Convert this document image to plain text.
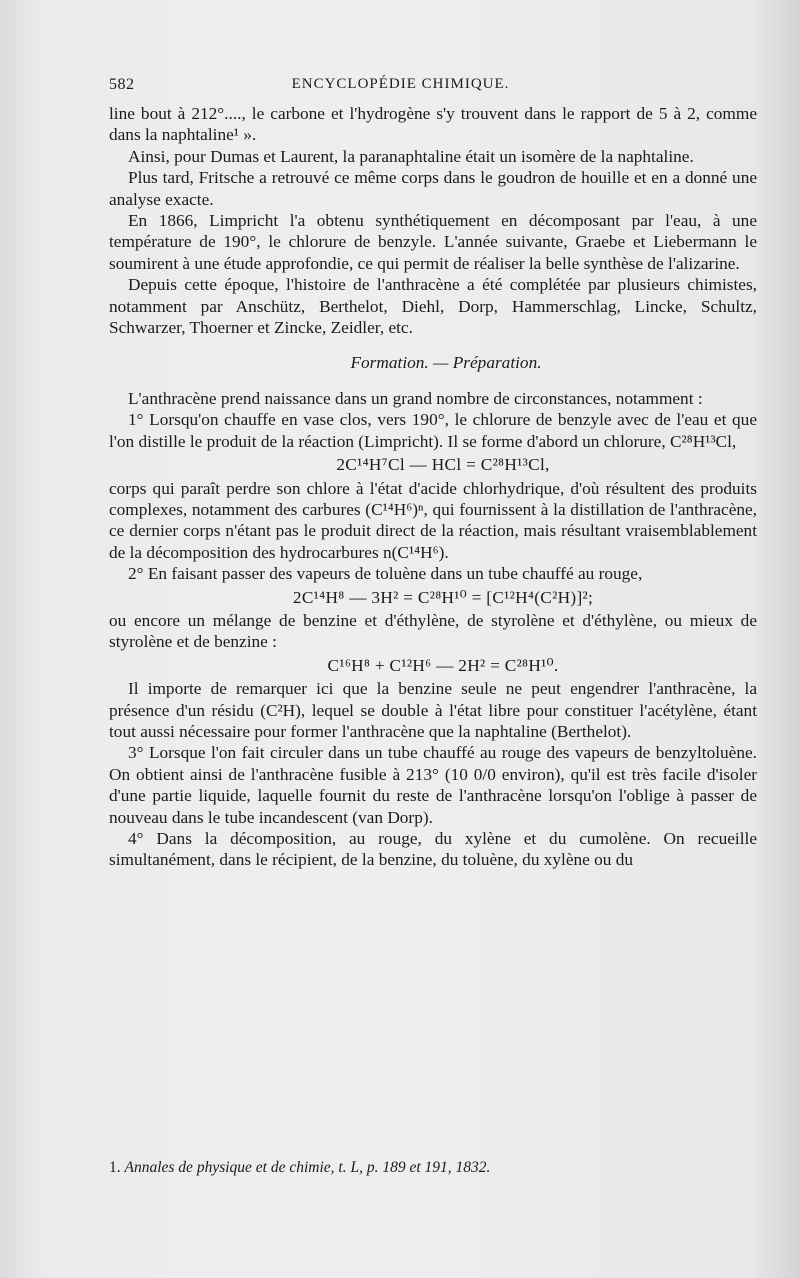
582	ENCYCLOPÉDIE CHIMIQUE.

line bout à 212°...., le carbone et l'hydrogène s'y trouvent dans le rapport de 5 à 2, comme dans la naphtaline¹ ».

Ainsi, pour Dumas et Laurent, la paranaphtaline était un isomère de la naphtaline.

Plus tard, Fritsche a retrouvé ce même corps dans le goudron de houille et en a donné une analyse exacte.

En 1866, Limpricht l'a obtenu synthétiquement en décomposant par l'eau, à une température de 190°, le chlorure de benzyle. L'année suivante, Graebe et Liebermann le soumirent à une étude approfondie, ce qui permit de réaliser la belle synthèse de l'alizarine.

Depuis cette époque, l'histoire de l'anthracène a été complétée par plusieurs chimistes, notamment par Anschütz, Berthelot, Diehl, Dorp, Hammerschlag, Lincke, Schultz, Schwarzer, Thoerner et Zincke, Zeidler, etc.

Formation. — Préparation.

L'anthracène prend naissance dans un grand nombre de circonstances, notamment :

1° Lorsqu'on chauffe en vase clos, vers 190°, le chlorure de benzyle avec de l'eau et que l'on distille le produit de la réaction (Limpricht). Il se forme d'abord un chlorure, C²⁸H¹³Cl,

2C¹⁴H⁷Cl — HCl = C²⁸H¹³Cl,

corps qui paraît perdre son chlore à l'état d'acide chlorhydrique, d'où résultent des produits complexes, notamment des carbures (C¹⁴H⁶)ⁿ, qui fournissent à la distillation de l'anthracène, ce dernier corps n'étant pas le produit direct de la réaction, mais résultant vraisemblablement de la décomposition des hydrocarbures n(C¹⁴H⁶).

2° En faisant passer des vapeurs de toluène dans un tube chauffé au rouge,

2C¹⁴H⁸ — 3H² = C²⁸H¹⁰ = [C¹²H⁴(C²H)]²;

ou encore un mélange de benzine et d'éthylène, de styrolène et d'éthylène, ou mieux de styrolène et de benzine :

C¹⁶H⁸ + C¹²H⁶ — 2H² = C²⁸H¹⁰.

Il importe de remarquer ici que la benzine seule ne peut engendrer l'anthracène, la présence d'un résidu (C²H), lequel se double à l'état libre pour constituer l'acétylène, étant tout aussi nécessaire pour former l'anthracène que la naphtaline (Berthelot).

3° Lorsque l'on fait circuler dans un tube chauffé au rouge des vapeurs de benzyltoluène. On obtient ainsi de l'anthracène fusible à 213° (10 0/0 environ), qu'il est très facile d'isoler d'une partie liquide, laquelle fournit du reste de l'anthracène lorsqu'on l'oblige à passer de nouveau dans le tube incandescent (van Dorp).

4° Dans la décomposition, au rouge, du xylène et du cumolène. On recueille simultanément, dans le récipient, de la benzine, du toluène, du xylène ou du

1. Annales de physique et de chimie, t. L, p. 189 et 191, 1832.
